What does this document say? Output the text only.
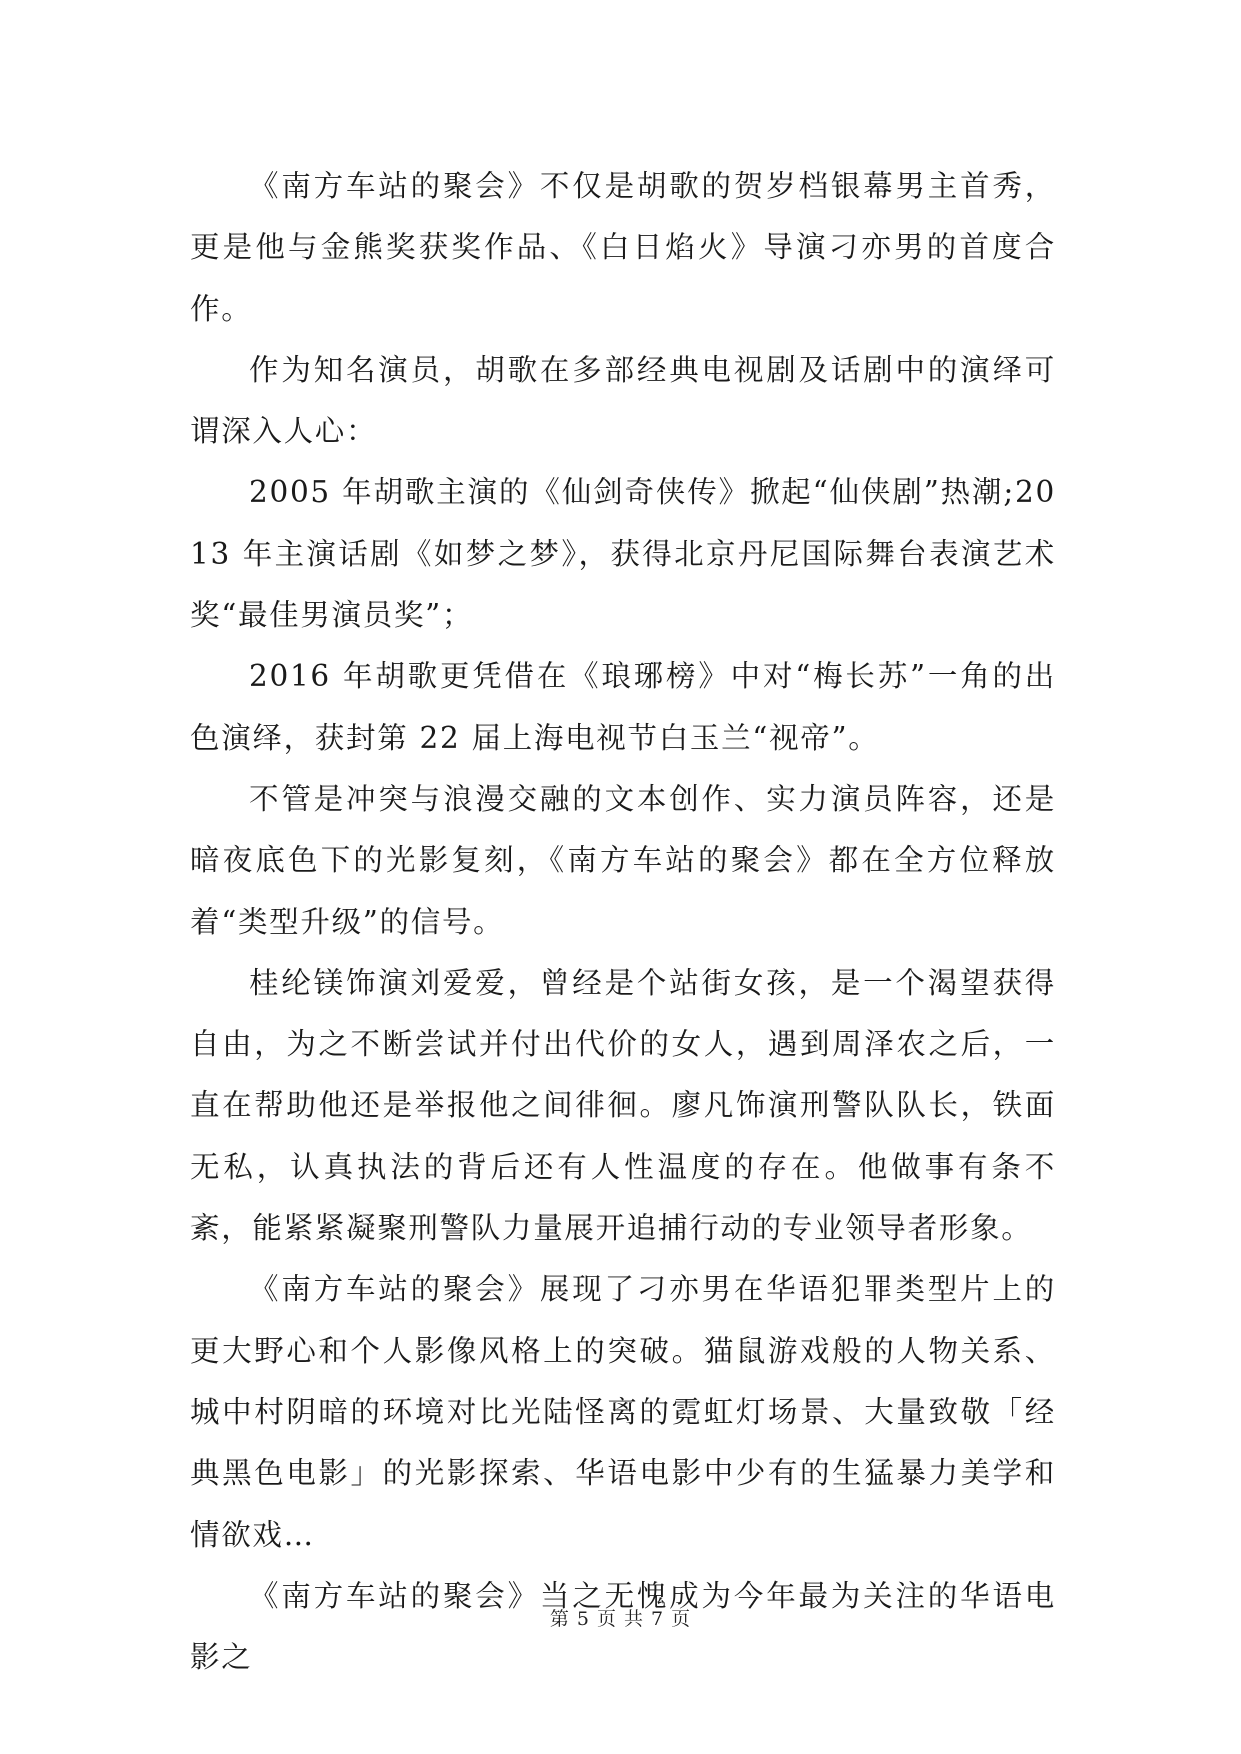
《南方车站的聚会》不仅是胡歌的贺岁档银幕男主首秀，更是他与金熊奖获奖作品、《白日焰火》导演刁亦男的首度合作。

作为知名演员，胡歌在多部经典电视剧及话剧中的演绎可谓深入人心：

2005 年胡歌主演的《仙剑奇侠传》掀起“仙侠剧”热潮;2013 年主演话剧《如梦之梦》，获得北京丹尼国际舞台表演艺术奖“最佳男演员奖”；

2016 年胡歌更凭借在《琅琊榜》中对“梅长苏”一角的出色演绎，获封第 22 届上海电视节白玉兰“视帝”。

不管是冲突与浪漫交融的文本创作、实力演员阵容，还是暗夜底色下的光影复刻，《南方车站的聚会》都在全方位释放着“类型升级”的信号。

桂纶镁饰演刘爱爱，曾经是个站街女孩，是一个渴望获得自由，为之不断尝试并付出代价的女人，遇到周泽农之后，一直在帮助他还是举报他之间徘徊。廖凡饰演刑警队队长，铁面无私，认真执法的背后还有人性温度的存在。他做事有条不紊，能紧紧凝聚刑警队力量展开追捕行动的专业领导者形象。

《南方车站的聚会》展现了刁亦男在华语犯罪类型片上的更大野心和个人影像风格上的突破。猫鼠游戏般的人物关系、城中村阴暗的环境对比光陆怪离的霓虹灯场景、大量致敬「经典黑色电影」的光影探索、华语电影中少有的生猛暴力美学和情欲戏…

《南方车站的聚会》当之无愧成为今年最为关注的华语电影之

第 5 页 共 7 页
